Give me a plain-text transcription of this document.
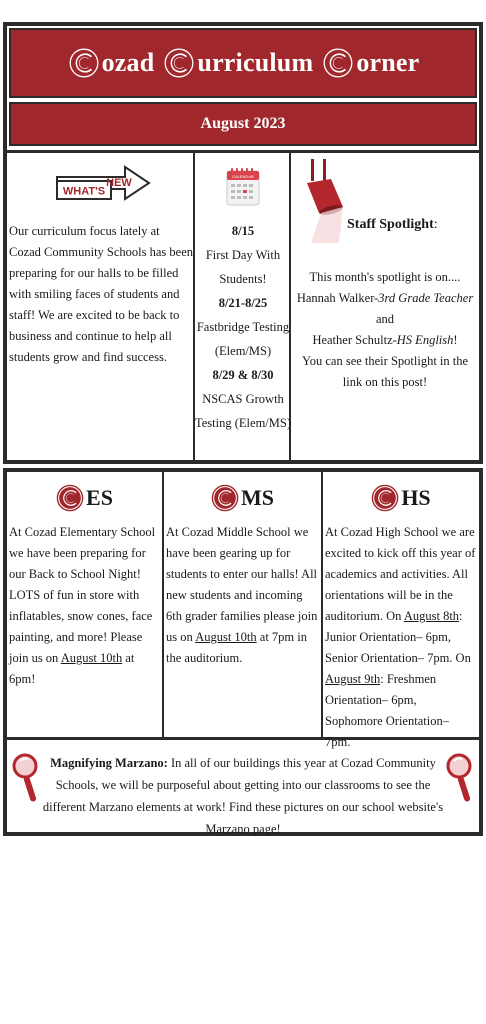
ozad urriculum orner
August 2023
WHAT'S
NEW
Our curriculum focus lately at Cozad Community Schools has been preparing for our halls to be filled with smiling faces of students and staff! We are excited to be back to business and continue to help all students grow and find success.
CALENDAR
8/15
First Day With Students!
8/21-8/25
Fastbridge Testing (Elem/MS)
8/29 & 8/30
NSCAS Growth Testing (Elem/MS)
Staff Spotlight:
This month's spotlight is on....
Hannah Walker-3rd Grade Teacher and
Heather Schultz-HS English!
You can see their Spotlight in the link on this post!
ES
At Cozad Elementary School we have been preparing for our Back to School Night! LOTS of fun in store with inflatables, snow cones, face painting, and more! Please join us on August 10th at 6pm!
MS
At Cozad Middle School we have been gearing up for students to enter our halls! All new students and incoming 6th grader families please join us on August 10th at 7pm in the auditorium.
HS
At Cozad High School we are excited to kick off this year of academics and activities. All orientations will be in the auditorium. On August 8th: Junior Orientation– 6pm, Senior Orientation– 7pm. On August 9th: Freshmen Orientation– 6pm, Sophomore Orientation– 7pm.
Magnifying Marzano: In all of our buildings this year at Cozad Community Schools, we will be purposeful about getting into our classrooms to see the different Marzano elements at work! Find these pictures on our school website's Marzano page!
